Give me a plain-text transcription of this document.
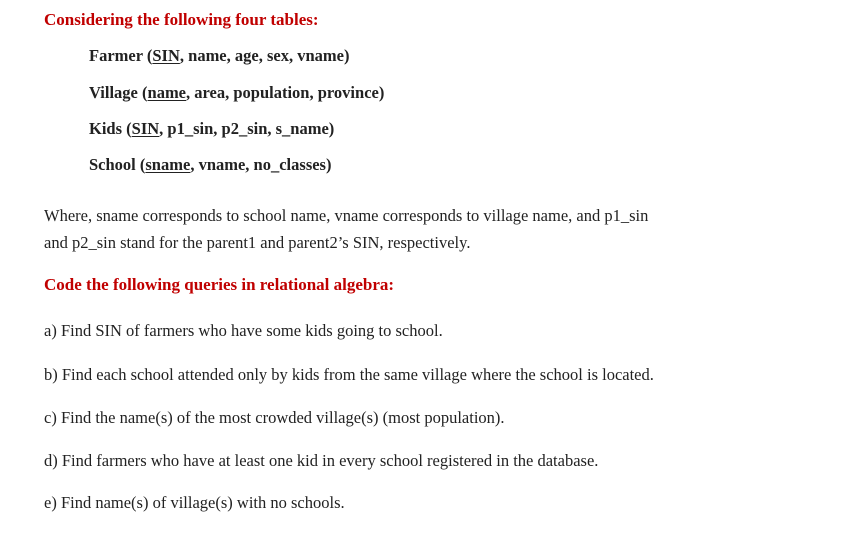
Considering the following four tables:
Farmer (SIN, name, age, sex, vname)
Village (name, area, population, province)
Kids (SIN, p1_sin, p2_sin, s_name)
School (sname, vname, no_classes)
Where, sname corresponds to school name, vname corresponds to village name, and p1_sin
and p2_sin stand for the parent1 and parent2’s SIN, respectively.
Code the following queries in relational algebra:
a) Find SIN of farmers who have some kids going to school.
b) Find each school attended only by kids from the same village where the school is located.
c) Find the name(s) of the most crowded village(s) (most population).
d) Find farmers who have at least one kid in every school registered in the database.
e) Find name(s) of village(s) with no schools.
